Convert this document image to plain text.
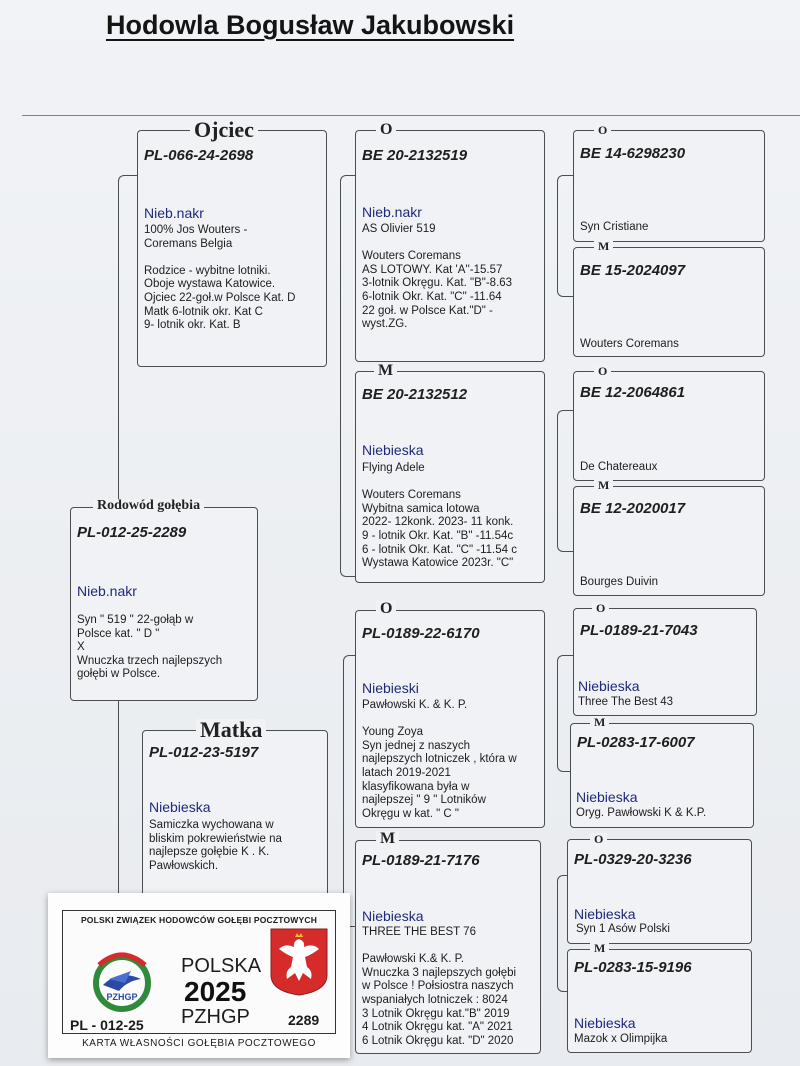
Hodowla Bogusław Jakubowski
PL-012-25-2289
Nieb.nakr
Syn " 519 " 22-gołąb w
Polsce kat. " D "
X
Wnuczka trzech najlepszych
gołębi w Polsce.
Rodowód gołębia
PL-066-24-2698
Nieb.nakr
100% Jos Wouters -
Coremans Belgia

Rodzice - wybitne lotniki.
Oboje wystawa Katowice.
Ojciec 22-goł.w Polsce Kat. D
Matk 6-lotnik okr. Kat C
9- lotnik okr. Kat. B
Ojciec
PL-012-23-5197
Niebieska
Samiczka wychowana w
bliskim pokrewieństwie na
najlepsze gołębie K . K.
Pawłowskich.
Matka
BE 20-2132519
Nieb.nakr
AS Olivier 519

Wouters Coremans
AS LOTOWY. Kat 'A''-15.57
3-lotnik Okręgu. Kat. "B"-8.63
6-lotnik Okr. Kat. "C" -11.64
22 goł. w Polsce Kat."D" -
wyst.ZG.
O
BE 20-2132512
Niebieska
Flying Adele

Wouters Coremans
Wybitna samica lotowa
2022- 12konk. 2023- 11 konk.
9 - lotnik Okr. Kat. "B" -11.54c
6 - lotnik Okr. Kat. "C" -11.54 c
Wystawa Katowice 2023r. "C"
M
PL-0189-22-6170
Niebieski
Pawłowski K. & K. P.

Young Zoya
Syn jednej z naszych
najlepszych lotniczek , która w
latach 2019-2021
klasyfikowana była w
najlepszej " 9 " Lotników
Okręgu w kat. " C "
O
PL-0189-21-7176
Niebieska
THREE THE BEST 76

Pawłowski K.& K. P.
Wnuczka 3 najlepszych gołębi
w Polsce ! Połsiostra naszych
wspaniałych lotniczek : 8024
3 Lotnik Okręgu kat."B" 2019
4 Lotnik Okręgu kat. "A" 2021
6 Lotnik Okręgu kat. "D" 2020
M
BE 14-6298230
Syn Cristiane
O
BE 15-2024097
Wouters Coremans
M
BE 12-2064861
De Chatereaux
O
BE 12-2020017
Bourges Duivin
M
PL-0189-21-7043
Niebieska
Three The Best 43
O
PL-0283-17-6007
Niebieska
Oryg. Pawłowski K & K.P.
M
PL-0329-20-3236
Niebieska
Syn 1 Asów Polski
O
PL-0283-15-9196
Niebieska
Mazok x Olimpijka
M
POLSKI ZWIĄZEK HODOWCÓW GOŁĘBI POCZTOWYCH
PZHGP
POLSKA
2025
PZHGP
PL - 012-25	2289
KARTA WŁASNOŚCI GOŁĘBIA POCZTOWEGO
